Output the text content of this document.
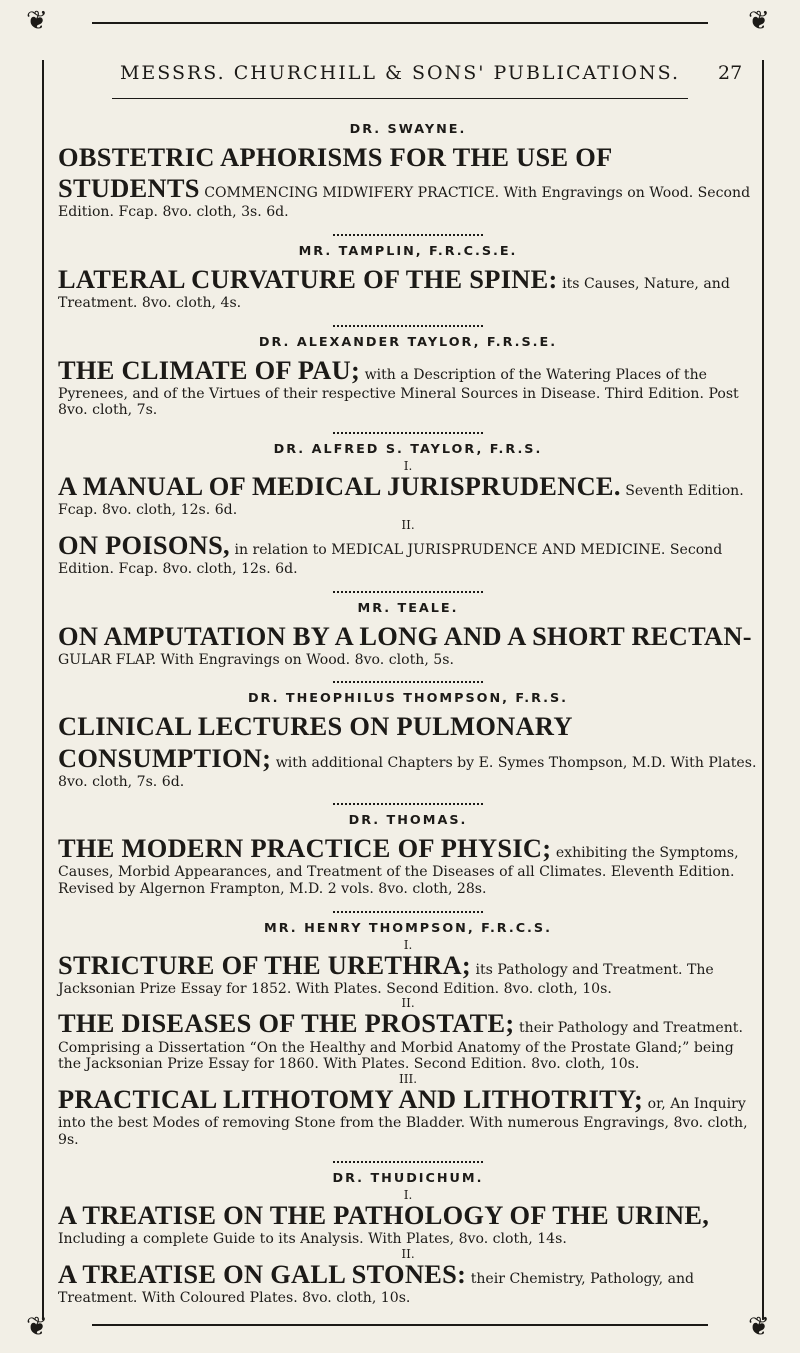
❦	❦
❦	❦
MESSRS. CHURCHILL & SONS' PUBLICATIONS.	27
DR. SWAYNE.
OBSTETRIC APHORISMS FOR THE USE OF STUDENTS COMMENCING MIDWIFERY PRACTICE. With Engravings on Wood. Second Edition. Fcap. 8vo. cloth, 3s. 6d.
MR. TAMPLIN, F.R.C.S.E.
LATERAL CURVATURE OF THE SPINE: its Causes, Nature, and Treatment. 8vo. cloth, 4s.
DR. ALEXANDER TAYLOR, F.R.S.E.
THE CLIMATE OF PAU; with a Description of the Watering Places of the Pyrenees, and of the Virtues of their respective Mineral Sources in Disease. Third Edition. Post 8vo. cloth, 7s.
DR. ALFRED S. TAYLOR, F.R.S.
I.
A MANUAL OF MEDICAL JURISPRUDENCE. Seventh Edition. Fcap. 8vo. cloth, 12s. 6d.
II.
ON POISONS, in relation to MEDICAL JURISPRUDENCE AND MEDICINE. Second Edition. Fcap. 8vo. cloth, 12s. 6d.
MR. TEALE.
ON AMPUTATION BY A LONG AND A SHORT RECTAN- GULAR FLAP. With Engravings on Wood. 8vo. cloth, 5s.
DR. THEOPHILUS THOMPSON, F.R.S.
CLINICAL LECTURES ON PULMONARY CONSUMPTION; with additional Chapters by E. Symes Thompson, M.D. With Plates. 8vo. cloth, 7s. 6d.
DR. THOMAS.
THE MODERN PRACTICE OF PHYSIC; exhibiting the Symptoms, Causes, Morbid Appearances, and Treatment of the Diseases of all Climates. Eleventh Edition. Revised by Algernon Frampton, M.D. 2 vols. 8vo. cloth, 28s.
MR. HENRY THOMPSON, F.R.C.S.
I.
STRICTURE OF THE URETHRA; its Pathology and Treatment. The Jacksonian Prize Essay for 1852. With Plates. Second Edition. 8vo. cloth, 10s.
II.
THE DISEASES OF THE PROSTATE; their Pathology and Treatment. Comprising a Dissertation “On the Healthy and Morbid Anatomy of the Prostate Gland;” being the Jacksonian Prize Essay for 1860. With Plates. Second Edition. 8vo. cloth, 10s.
III.
PRACTICAL LITHOTOMY AND LITHOTRITY; or, An Inquiry into the best Modes of removing Stone from the Bladder. With numerous Engravings, 8vo. cloth, 9s.
DR. THUDICHUM.
I.
A TREATISE ON THE PATHOLOGY OF THE URINE, Including a complete Guide to its Analysis. With Plates, 8vo. cloth, 14s.
II.
A TREATISE ON GALL STONES: their Chemistry, Pathology, and Treatment. With Coloured Plates. 8vo. cloth, 10s.
